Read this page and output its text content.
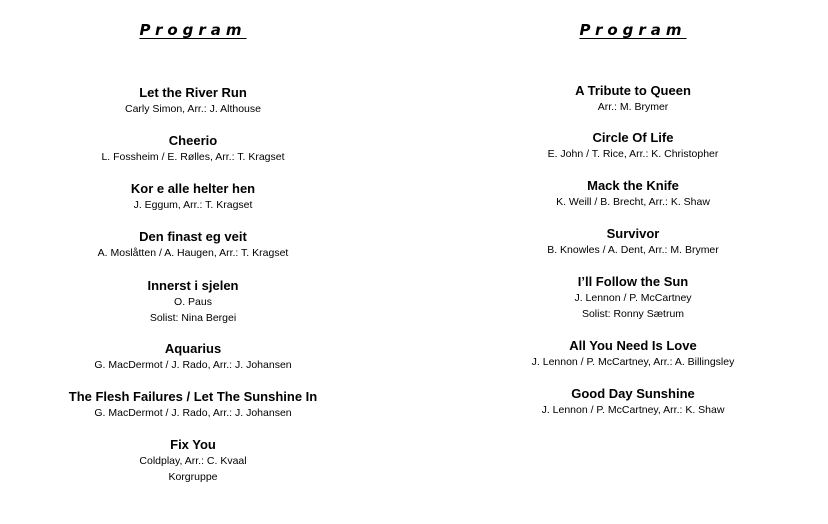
Program
Let the River Run
Carly Simon, Arr.: J. Althouse
Cheerio
L. Fossheim / E. Rølles, Arr.: T. Kragset
Kor e alle helter hen
J. Eggum, Arr.: T. Kragset
Den finast eg veit
A. Moslåtten / A. Haugen, Arr.: T. Kragset
Innerst i sjelen
O. Paus
Solist: Nina Bergei
Aquarius
G. MacDermot / J. Rado, Arr.: J. Johansen
The Flesh Failures / Let The Sunshine In
G. MacDermot / J. Rado, Arr.: J. Johansen
Fix You
Coldplay, Arr.: C. Kvaal
Korgruppe
Program
A Tribute to Queen
Arr.: M. Brymer
Circle Of Life
E. John / T. Rice, Arr.: K. Christopher
Mack the Knife
K. Weill / B. Brecht, Arr.: K. Shaw
Survivor
B. Knowles / A. Dent, Arr.: M. Brymer
I’ll Follow the Sun
J. Lennon / P. McCartney
Solist: Ronny Sætrum
All You Need Is Love
J. Lennon / P. McCartney, Arr.: A. Billingsley
Good Day Sunshine
J. Lennon / P. McCartney, Arr.: K. Shaw
